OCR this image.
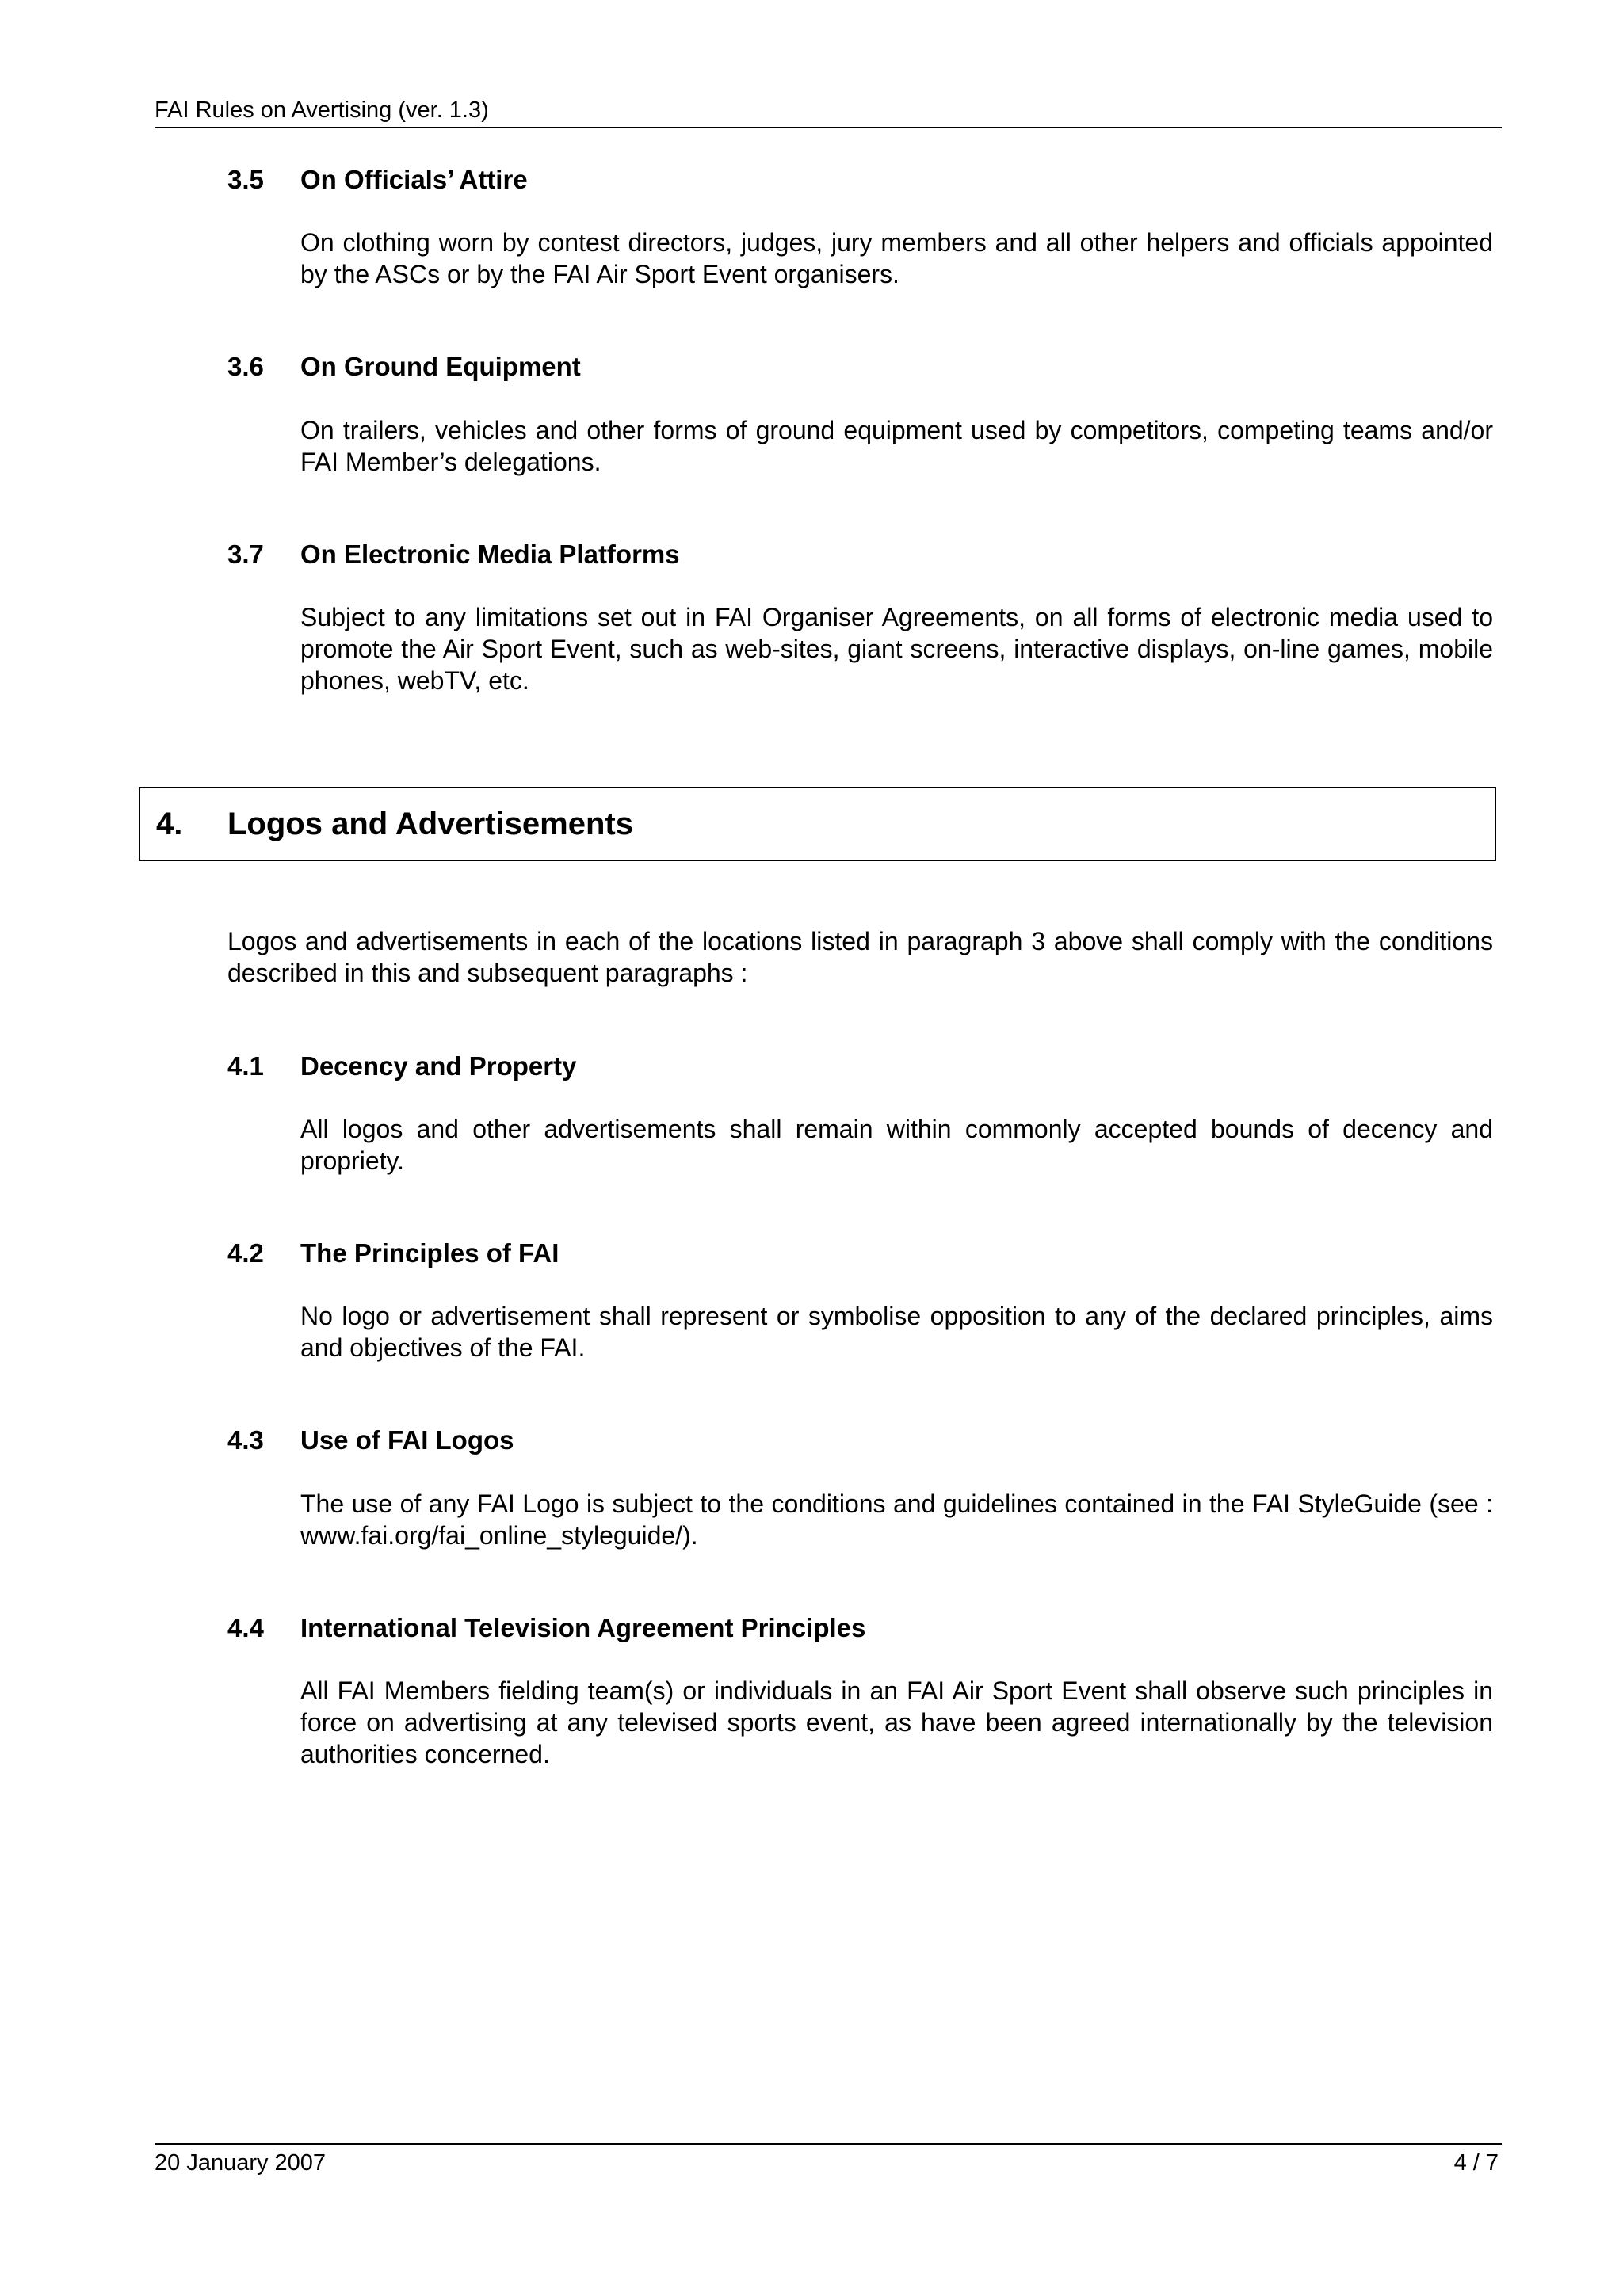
FAI Rules on Avertising (ver. 1.3)
3.5	On Officials’ Attire
On clothing worn by contest directors, judges, jury members and all other helpers and officials appointed by the ASCs or by the FAI Air Sport Event organisers.
3.6	On Ground Equipment
On trailers, vehicles and other forms of ground equipment used by competitors, competing teams and/or FAI Member’s delegations.
3.7	On Electronic Media Platforms
Subject to any limitations set out in FAI Organiser Agreements, on all forms of electronic media used to promote the Air Sport Event, such as web-sites, giant screens, interactive displays, on-line games, mobile phones, webTV, etc.
4. Logos and Advertisements
Logos and advertisements in each of the locations listed in paragraph 3 above shall comply with the conditions described in this and subsequent paragraphs :
4.1	Decency and Property
All logos and other advertisements shall remain within commonly accepted bounds of decency and propriety.
4.2	The Principles of FAI
No logo or advertisement shall represent or symbolise opposition to any of the declared principles, aims and objectives of the FAI.
4.3	Use of FAI Logos
The use of any FAI Logo is subject to the conditions and guidelines contained in the FAI StyleGuide (see : www.fai.org/fai_online_styleguide/).
4.4	International Television Agreement Principles
All FAI Members fielding team(s) or individuals in an FAI Air Sport Event shall observe such principles in force on advertising at any televised sports event, as have been agreed internationally by the television authorities concerned.
20 January 2007	4 / 7
